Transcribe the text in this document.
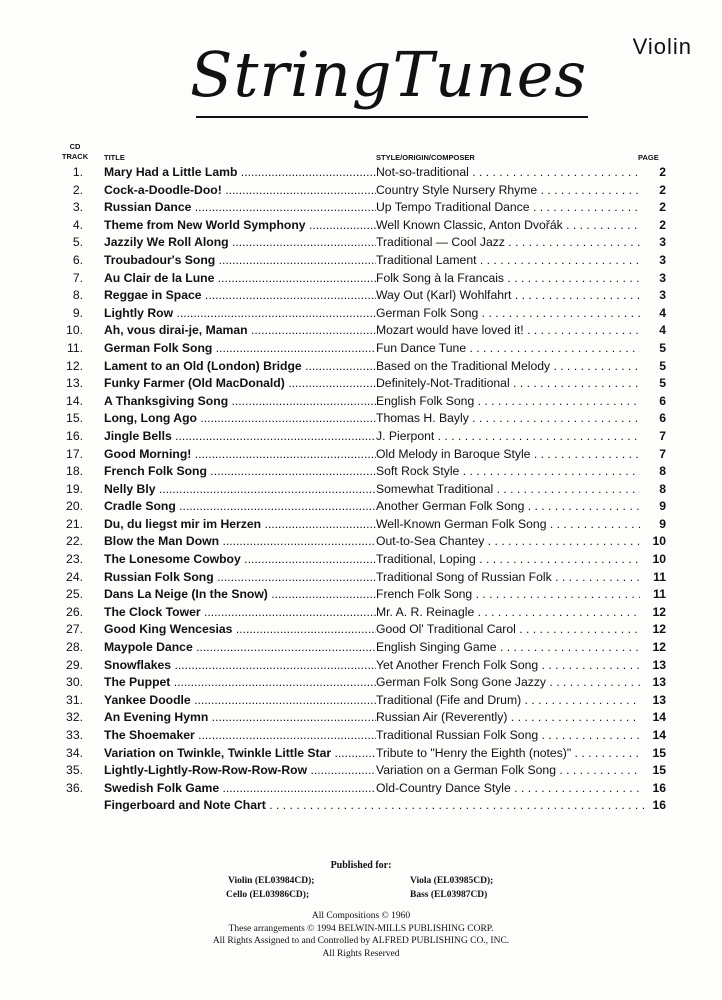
StringTunes Violin
CD TRACK TITLE	STYLE/ORIGIN/COMPOSER	PAGE
1. Mary Had a Little Lamb .....	Not-so-traditional . . .	2
2. Cock-a-Doodle-Doo! .....	Country Style Nursery Rhyme . . .	2
3. Russian Dance .....	Up Tempo Traditional Dance . . .	2
4. Theme from New World Symphony .....	Well Known Classic, Anton Dvořák . . .	2
5. Jazzily We Roll Along .....	Traditional — Cool Jazz . . .	3
6. Troubadour's Song .....	Traditional Lament . . .	3
7. Au Clair de la Lune .....	Folk Song à la Francais . . .	3
8. Reggae in Space .....	Way Out (Karl) Wohlfahrt . . .	3
9. Lightly Row .....	German Folk Song . . .	4
10. Ah, vous dirai-je, Maman .....	Mozart would have loved it! . . .	4
11. German Folk Song .....	Fun Dance Tune . . .	5
12. Lament to an Old (London) Bridge .....	Based on the Traditional Melody . . .	5
13. Funky Farmer (Old MacDonald) .....	Definitely-Not-Traditional . . .	5
14. A Thanksgiving Song .....	English Folk Song . . .	6
15. Long, Long Ago .....	Thomas H. Bayly . . .	6
16. Jingle Bells .....	J. Pierpont . . .	7
17. Good Morning! .....	Old Melody in Baroque Style . . .	7
18. French Folk Song .....	Soft Rock Style . . .	8
19. Nelly Bly .....	Somewhat Traditional . . .	8
20. Cradle Song .....	Another German Folk Song . . .	9
21. Du, du liegst mir im Herzen .....	Well-Known German Folk Song . . .	9
22. Blow the Man Down .....	Out-to-Sea Chantey . . .	10
23. The Lonesome Cowboy .....	Traditional, Loping . . .	10
24. Russian Folk Song .....	Traditional Song of Russian Folk . . .	11
25. Dans La Neige (In the Snow) .....	French Folk Song . . .	11
26. The Clock Tower .....	Mr. A. R. Reinagle . . .	12
27. Good King Wencesias .....	Good Ol' Traditional Carol . . .	12
28. Maypole Dance .....	English Singing Game . . .	12
29. Snowflakes .....	Yet Another French Folk Song . . .	13
30. The Puppet .....	German Folk Song Gone Jazzy . . .	13
31. Yankee Doodle .....	Traditional (Fife and Drum) . . .	13
32. An Evening Hymn .....	Russian Air (Reverently) . . .	14
33. The Shoemaker .....	Traditional Russian Folk Song . . .	14
34. Variation on Twinkle, Twinkle Little Star .....	Tribute to "Henry the Eighth (notes)" . . .	15
35. Lightly-Lightly-Row-Row-Row-Row .....	Variation on a German Folk Song . . .	15
36. Swedish Folk Game .....	Old-Country Dance Style . . .	16
Fingerboard and Note Chart . . .	16
Published for:
Violin (EL03984CD);	Viola (EL03985CD);
Cello (EL03986CD);	Bass (EL03987CD)
All Compositions © 1960
These arrangements © 1994 BELWIN-MILLS PUBLISHING CORP.
All Rights Assigned to and Controlled by ALFRED PUBLISHING CO., INC.
All Rights Reserved
